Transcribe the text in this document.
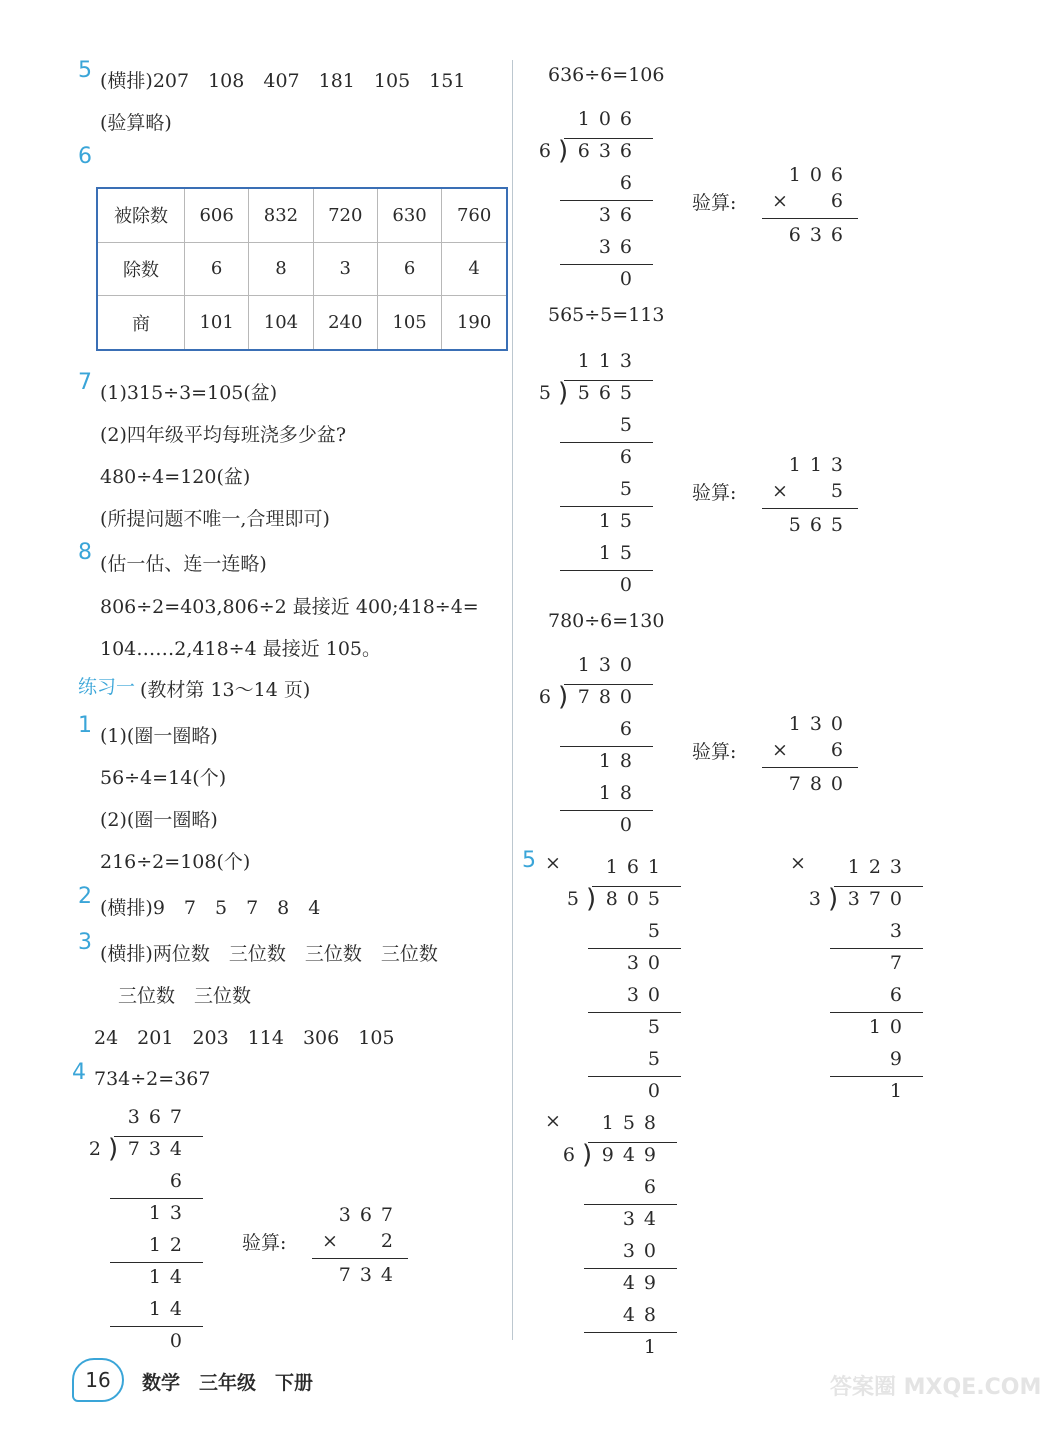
5 (横排)207　108　407　181　105　151
(验算略)
6
被除数	606	832	720	630	760
除数	6	8	3	6	4
商	101	104	240	105	190
7 (1)315÷3=105(盆)
(2)四年级平均每班浇多少盆?
480÷4=120(盆)
(所提问题不唯一,合理即可)
8 (估一估、连一连略)
806÷2=403,806÷2 最接近 400;418÷4=
104……2,418÷4 最接近 105。
练习一 (教材第 13～14 页)
1 (1)(圈一圈略)
56÷4=14(个)
(2)(圈一圈略)
216÷2=108(个)
2 (横排)9　7　5　7　8　4
3 (横排)两位数　三位数　三位数　三位数
三位数　三位数
24　201　203　114　306　105
4 734÷2=367
636÷6=106
565÷5=113
780÷6=130
5 ×	×
×
367
2
) 734
6
13
12
14
14
0
验算:
367
× 2
734
106
6
) 636
6
36
36
0
验算:
106
× 6
636
113
5
) 565
5
6
5
15
15
0
验算:
113
× 5
565
130
6
) 780
6
18
18
0
验算:
130
× 6
780
161
5
) 805
5
30
30
5
5
0
123
3
) 370
3
7
6
10
9
1
158
6
) 949
6
34
30
49
48
1
16	数学　三年级　下册	答案圈 MXQE.COM
